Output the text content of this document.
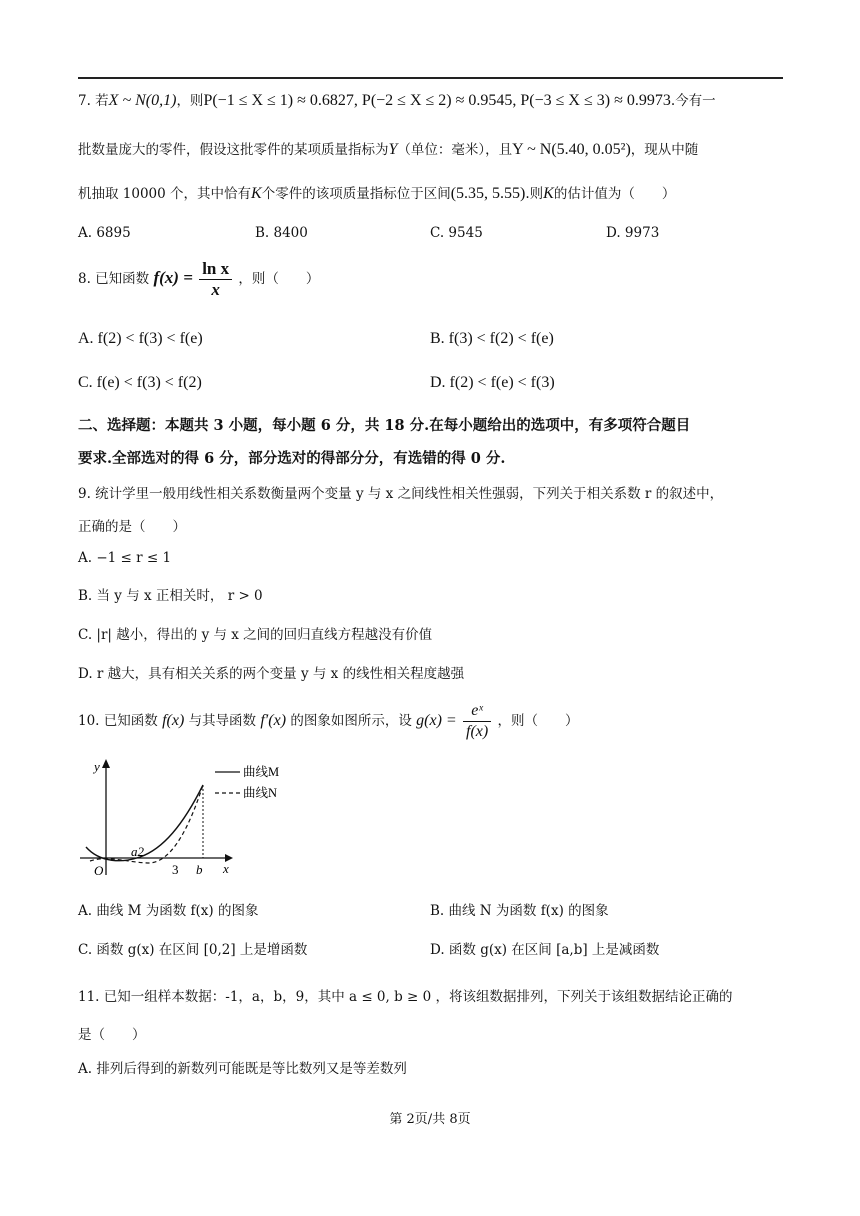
7. 若X ~ N(0,1)，则P(−1 ≤ X ≤ 1) ≈ 0.6827, P(−2 ≤ X ≤ 2) ≈ 0.9545, P(−3 ≤ X ≤ 3) ≈ 0.9973.今有一
批数量庞大的零件，假设这批零件的某项质量指标为Y（单位：毫米），且Y ~ N(5.40, 0.05²)，现从中随
机抽取 10000 个，其中恰有K个零件的该项质量指标位于区间(5.35, 5.55).则K的估计值为（　　）
A. 6895	B. 8400	C. 9545	D. 9973
8. 已知函数 $f(x) = \frac{\text{ln x}}{x}$ ，则（　　）
A. f(2) < f(3) < f(e)	B. f(3) < f(2) < f(e)
C. f(e) < f(3) < f(2)	D. f(2) < f(e) < f(3)
二、选择题：本题共 3 小题，每小题 6 分，共 18 分.在每小题给出的选项中，有多项符合题目
要求.全部选对的得 6 分，部分选对的得部分分，有选错的得 0 分.
9. 统计学里一般用线性相关系数衡量两个变量 y 与 x 之间线性相关性强弱，下列关于相关系数 r 的叙述中，
正确的是（　　）
A. −1 ≤ r ≤ 1
B. 当 y 与 x 正相关时， r > 0
C. |r| 越小，得出的 y 与 x 之间的回归直线方程越没有价值
D. r 越大，具有相关关系的两个变量 y 与 x 的线性相关程度越强
10. 已知函数 f(x) 与其导函数 f′(x) 的图象如图所示，设 $g(x) = \frac{\text{eˣ}}{f(x)}$ ，则（　　）
y
x
O
a2
3 b
曲线M
曲线N
A. 曲线 M 为函数 f(x) 的图象	B. 曲线 N 为函数 f(x) 的图象
C. 函数 g(x) 在区间 [0,2] 上是增函数	D. 函数 g(x) 在区间 [a,b] 上是减函数
11. 已知一组样本数据：-1，a，b，9，其中 a ≤ 0, b ≥ 0 ，将该组数据排列，下列关于该组数据结论正确的
是（　　）
A. 排列后得到的新数列可能既是等比数列又是等差数列
第 2页/共 8页
